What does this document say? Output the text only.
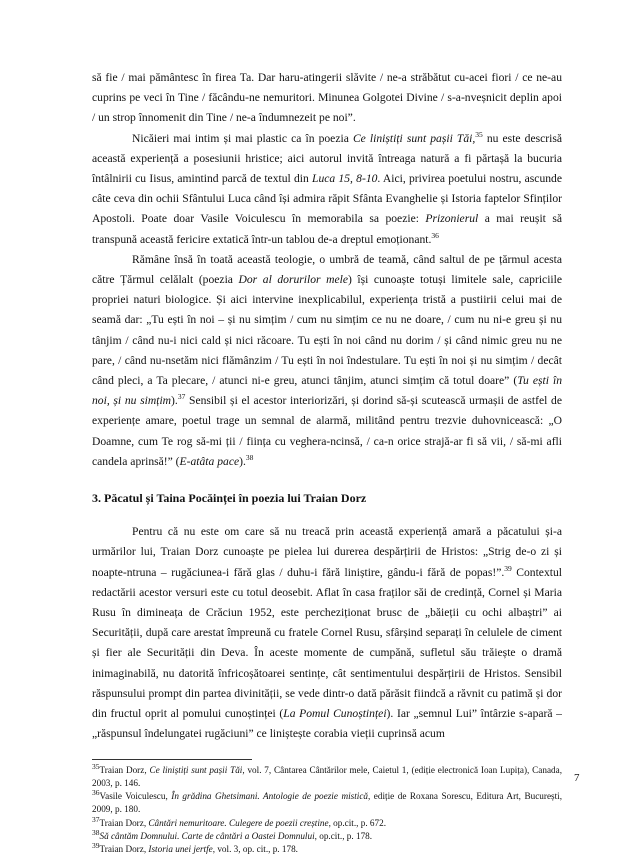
să fie / mai pământesc în firea Ta. Dar haru-atingerii slăvite / ne-a străbătut cu-acei fiori / ce ne-au cuprins pe veci în Tine / făcându-ne nemuritori. Minunea Golgotei Divine / s-a-nveșnicit deplin apoi / un strop înnomenit din Tine / ne-a îndumnezeit pe noi”.

Nicăieri mai intim și mai plastic ca în poezia Ce liniștiți sunt pașii Tăi,$^{35}$ nu este descrisă această experiență a posesiunii hristice; aici autorul invită întreaga natură a fi părtașă la bucuria întâlnirii cu Iisus, amintind parcă de textul din Luca 15, 8-10. Aici, privirea poetului nostru, ascunde câte ceva din ochii Sfântului Luca când își admira răpit Sfânta Evanghelie și Istoria faptelor Sfinților Apostoli. Poate doar Vasile Voiculescu în memorabila sa poezie: Prizonierul a mai reușit să transpună această fericire extatică într-un tablou de-a dreptul emoționant.$^{36}$

Rămâne însă în toată această teologie, o umbră de teamă, când saltul de pe țărmul acesta către Țărmul celălalt (poezia Dor al dorurilor mele) își cunoaște totuși limitele sale, capriciile propriei naturi biologice. Și aici intervine inexplicabilul, experiența tristă a pustiirii celui mai de seamă dar: „Tu ești în noi – și nu simțim / cum nu simțim ce nu ne doare, / cum nu ni-e greu și nu tânjim / când nu-i nici cald și nici răcoare. Tu ești în noi când nu dorim / și când nimic greu nu ne pare, / când nu-nsetăm nici flămânzim / Tu ești în noi îndestulare. Tu ești în noi și nu simțim / decât când pleci, a Ta plecare, / atunci ni-e greu, atunci tânjim, atunci simțim că totul doare” (Tu ești în noi, și nu simțim).$^{37}$ Sensibil și el acestor interiorizări, și dorind să-și scutească urmașii de astfel de experiențe amare, poetul trage un semnal de alarmă, militând pentru trezvie duhovnicească: „O Doamne, cum Te rog să-mi ții / ființa cu veghera-ncinsă, / ca-n orice strajă-ar fi să vii, / să-mi afli candela aprinsă!” (E-atâta pace).$^{38}$

3. Păcatul și Taina Pocăinței în poezia lui Traian Dorz

Pentru că nu este om care să nu treacă prin această experiență amară a păcatului și-a urmărilor lui, Traian Dorz cunoaște pe pielea lui durerea despărțirii de Hristos: „Strig de-o zi și noapte-ntruna – rugăciunea-i fără glas / duhu-i fără liniștire, gându-i fără de popas!”.$^{39}$ Contextul redactării acestor versuri este cu totul deosebit. Aflat în casa fraților săi de credință, Cornel și Maria Rusu în dimineața de Crăciun 1952, este percheziționat brusc de „băieții cu ochi albaștri” ai Securității, după care arestat împreună cu fratele Cornel Rusu, sfârșind separați în celulele de ciment și fier ale Securității din Deva. În aceste momente de cumpănă, sufletul său trăiește o dramă inimaginabilă, nu datorită înfricoșătoarei sentințe, cât sentimentului despărțirii de Hristos. Sensibil răspunsului prompt din partea divinității, se vede dintr-o dată părăsit fiindcă a răvnit cu patimă și dor din fructul oprit al pomului cunoștinței (La Pomul Cunoștinței). Iar „semnul Lui” întârzie s-apară – „răspunsul îndelungatei rugăciuni” ce liniștește corabia vieții cuprinsă acum

$^{35}$Traian Dorz, Ce liniștiți sunt pașii Tăi, vol. 7, Cântarea Cântărilor mele, Caietul 1, (ediție electronică Ioan Lupița), Canada, 2003, p. 146.

$^{36}$Vasile Voiculescu, În grădina Ghetsimani. Antologie de poezie mistică, ediție de Roxana Sorescu, Editura Art, București, 2009, p. 180.

$^{37}$Traian Dorz, Cântări nemuritoare. Culegere de poezii creștine, op.cit., p. 672.

$^{38}$Să cântăm Domnului. Carte de cântări a Oastei Domnului, op.cit., p. 178.

$^{39}$Traian Dorz, Istoria unei jertfe, vol. 3, op. cit., p. 178.

7
